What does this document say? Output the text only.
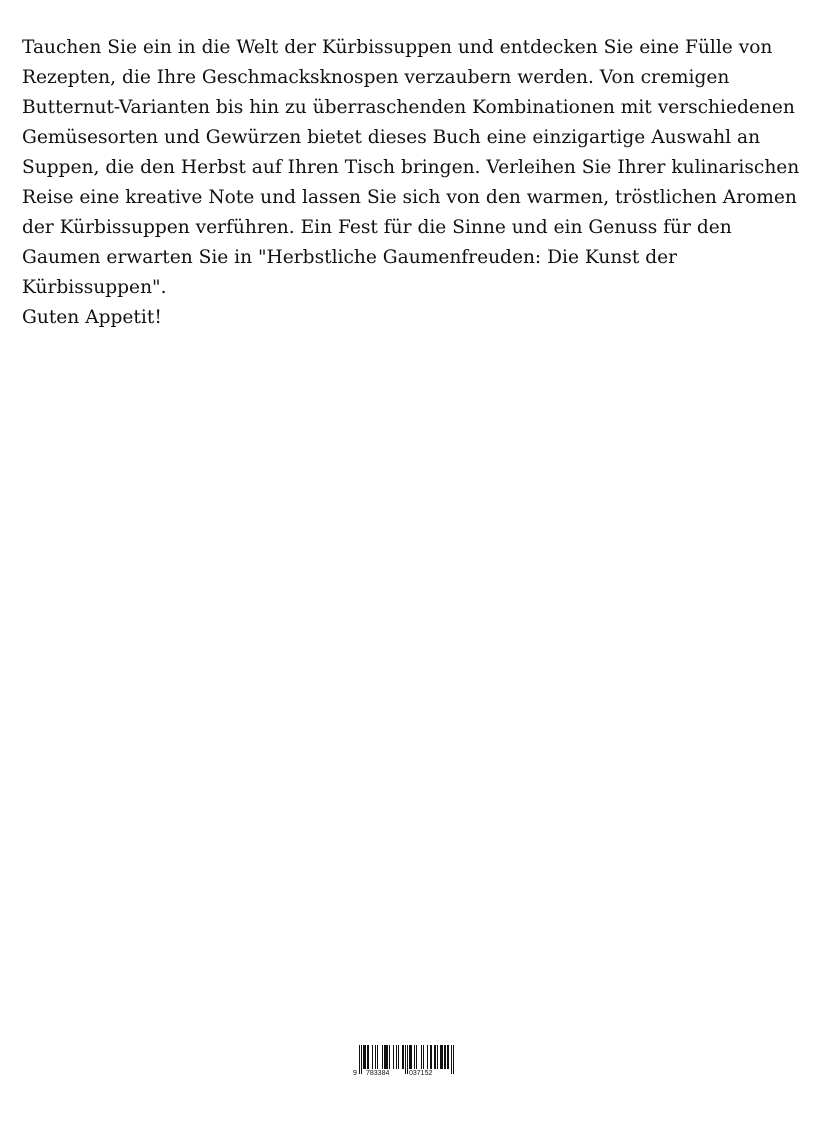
Tauchen Sie ein in die Welt der Kürbissuppen und entdecken Sie eine Fülle von
Rezepten, die Ihre Geschmacksknospen verzaubern werden. Von cremigen
Butternut-Varianten bis hin zu überraschenden Kombinationen mit verschiedenen
Gemüsesorten und Gewürzen bietet dieses Buch eine einzigartige Auswahl an
Suppen, die den Herbst auf Ihren Tisch bringen. Verleihen Sie Ihrer kulinarischen
Reise eine kreative Note und lassen Sie sich von den warmen, tröstlichen Aromen
der Kürbissuppen verführen. Ein Fest für die Sinne und ein Genuss für den
Gaumen erwarten Sie in "Herbstliche Gaumenfreuden: Die Kunst der
Kürbissuppen".
Guten Appetit!

9 783384	037152
